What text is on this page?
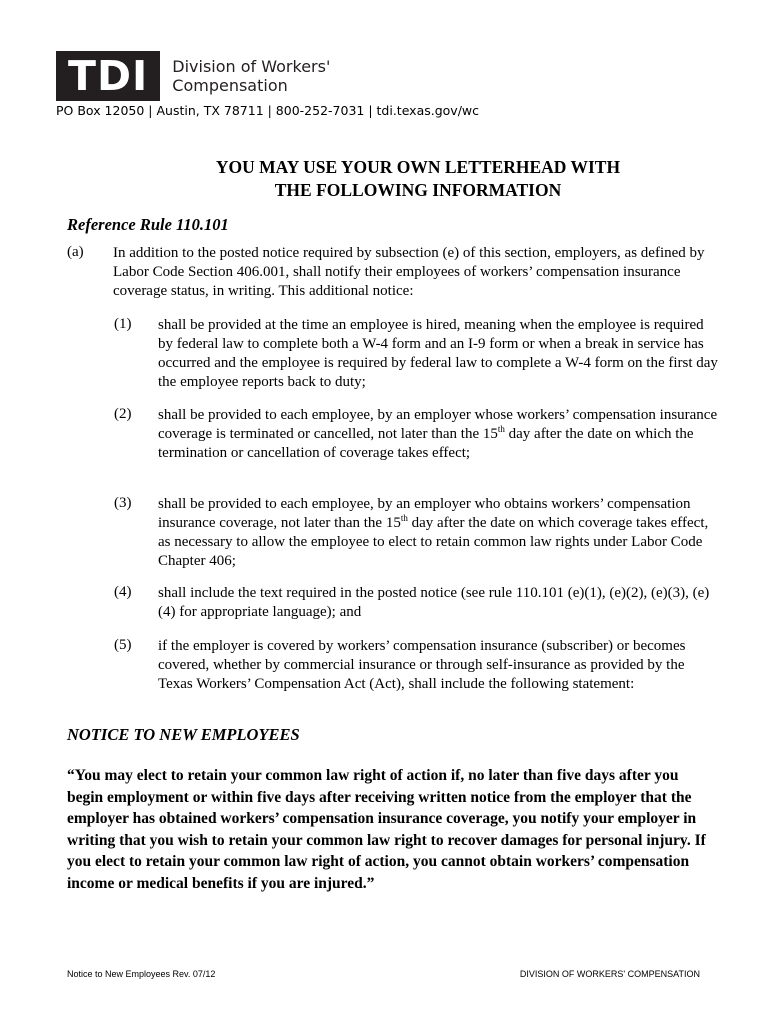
TDI	Division of Workers'
Compensation
PO Box 12050 | Austin, TX 78711 | 800-252-7031 | tdi.texas.gov/wc
YOU MAY USE YOUR OWN LETTERHEAD WITH
THE FOLLOWING INFORMATION
Reference Rule 110.101
(a) In addition to the posted notice required by subsection (e) of this section, employers, as defined by Labor Code Section 406.001, shall notify their employees of workers’ compensation insurance coverage status, in writing. This additional notice:
(1) shall be provided at the time an employee is hired, meaning when the employee is required by federal law to complete both a W-4 form and an I-9 form or when a break in service has occurred and the employee is required by federal law to complete a W-4 form on the first day the employee reports back to duty;
(2) shall be provided to each employee, by an employer whose workers’ compensation insurance coverage is terminated or cancelled, not later than the 15th day after the date on which the termination or cancellation of coverage takes effect;
(3) shall be provided to each employee, by an employer who obtains workers’ compensation insurance coverage, not later than the 15th day after the date on which coverage takes effect, as necessary to allow the employee to elect to retain common law rights under Labor Code Chapter 406;
(4) shall include the text required in the posted notice (see rule 110.101 (e)(1), (e)(2), (e)(3), (e)(4) for appropriate language); and
(5) if the employer is covered by workers’ compensation insurance (subscriber) or becomes covered, whether by commercial insurance or through self-insurance as provided by the Texas Workers’ Compensation Act (Act), shall include the following statement:
NOTICE TO NEW EMPLOYEES
“You may elect to retain your common law right of action if, no later than five days after you begin employment or within five days after receiving written notice from the employer that the employer has obtained workers’ compensation insurance coverage, you notify your employer in writing that you wish to retain your common law right to recover damages for personal injury. If you elect to retain your common law right of action, you cannot obtain workers’ compensation income or medical benefits if you are injured.”
Notice to New Employees Rev. 07/12	DIVISION OF WORKERS' COMPENSATION
